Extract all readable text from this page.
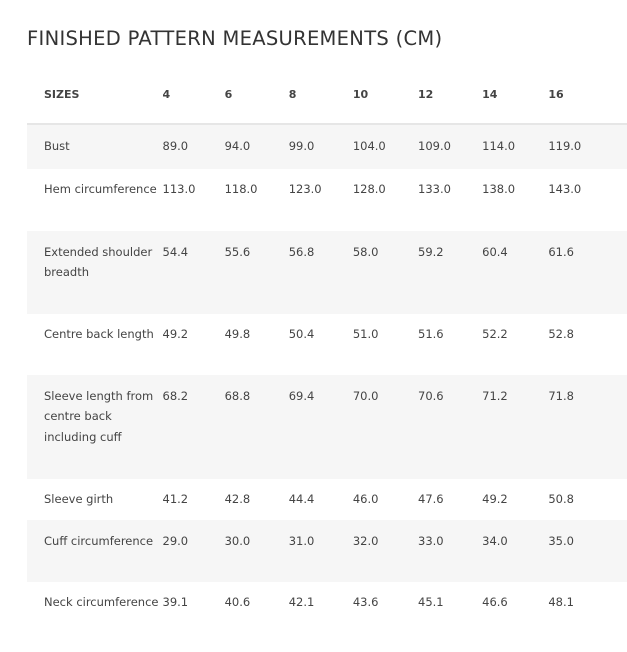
FINISHED PATTERN MEASUREMENTS (CM)
SIZES	4	6	8	10	12	14	16
Bust	89.0	94.0	99.0	104.0	109.0	114.0	119.0
Hem circumference	113.0	118.0	123.0	128.0	133.0	138.0	143.0
Extended shoulder breadth	54.4	55.6	56.8	58.0	59.2	60.4	61.6
Centre back length	49.2	49.8	50.4	51.0	51.6	52.2	52.8
Sleeve length from centre back including cuff	68.2	68.8	69.4	70.0	70.6	71.2	71.8
Sleeve girth	41.2	42.8	44.4	46.0	47.6	49.2	50.8
Cuff circumference	29.0	30.0	31.0	32.0	33.0	34.0	35.0
Neck circumference	39.1	40.6	42.1	43.6	45.1	46.6	48.1
